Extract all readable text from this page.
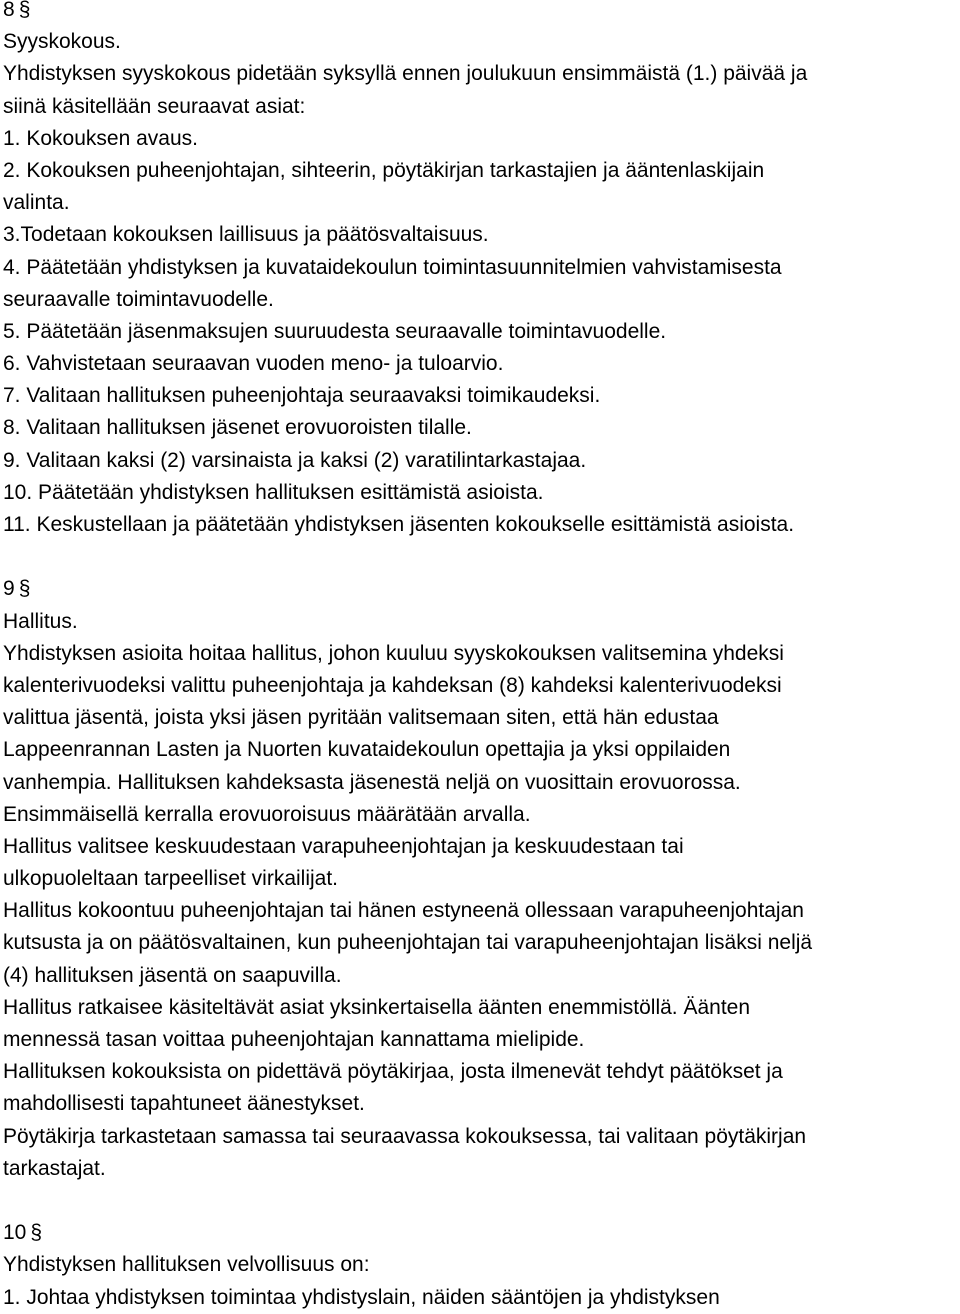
8 §
Syyskokous.
Yhdistyksen syyskokous pidetään syksyllä ennen joulukuun ensimmäistä (1.) päivää ja
siinä käsitellään seuraavat asiat:
1. Kokouksen avaus.
2. Kokouksen puheenjohtajan, sihteerin, pöytäkirjan tarkastajien ja ääntenlaskijain
valinta.
3.Todetaan kokouksen laillisuus ja päätösvaltaisuus.
4. Päätetään yhdistyksen ja kuvataidekoulun toimintasuunnitelmien vahvistamisesta
seuraavalle toimintavuodelle.
5. Päätetään jäsenmaksujen suuruudesta seuraavalle toimintavuodelle.
6. Vahvistetaan seuraavan vuoden meno- ja tuloarvio.
7. Valitaan hallituksen puheenjohtaja seuraavaksi toimikaudeksi.
8. Valitaan hallituksen jäsenet erovuoroisten tilalle.
9. Valitaan kaksi (2) varsinaista ja kaksi (2) varatilintarkastajaa.
10. Päätetään yhdistyksen hallituksen esittämistä asioista.
11. Keskustellaan ja päätetään yhdistyksen jäsenten kokoukselle esittämistä asioista.
9 §
Hallitus.
Yhdistyksen asioita hoitaa hallitus, johon kuuluu syyskokouksen valitsemina yhdeksi
kalenterivuodeksi valittu puheenjohtaja ja kahdeksan (8) kahdeksi kalenterivuodeksi
valittua jäsentä, joista yksi jäsen pyritään valitsemaan siten, että hän edustaa
Lappeenrannan Lasten ja Nuorten kuvataidekoulun opettajia ja yksi oppilaiden
vanhempia. Hallituksen kahdeksasta jäsenestä neljä on vuosittain erovuorossa.
Ensimmäisellä kerralla erovuoroisuus määrätään arvalla.
Hallitus valitsee keskuudestaan varapuheenjohtajan ja keskuudestaan tai
ulkopuoleltaan tarpeelliset virkailijat.
Hallitus kokoontuu puheenjohtajan tai hänen estyneenä ollessaan varapuheenjohtajan
kutsusta ja on päätösvaltainen, kun puheenjohtajan tai varapuheenjohtajan lisäksi neljä
(4) hallituksen jäsentä on saapuvilla.
Hallitus ratkaisee käsiteltävät asiat yksinkertaisella äänten enemmistöllä. Äänten
mennessä tasan voittaa puheenjohtajan kannattama mielipide.
Hallituksen kokouksista on pidettävä pöytäkirjaa, josta ilmenevät tehdyt päätökset ja
mahdollisesti tapahtuneet äänestykset.
Pöytäkirja tarkastetaan samassa tai seuraavassa kokouksessa, tai valitaan pöytäkirjan
tarkastajat.
10 §
Yhdistyksen hallituksen velvollisuus on:
1. Johtaa yhdistyksen toimintaa yhdistyslain, näiden sääntöjen ja yhdistyksen
